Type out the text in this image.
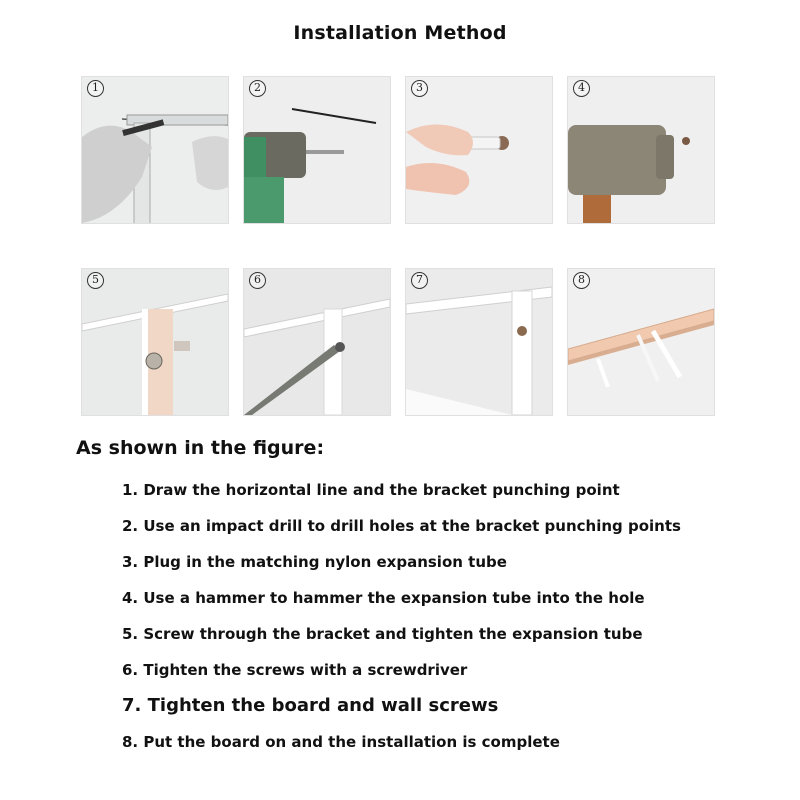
Installation Method
1	2	3	4
5	6	7	8
As shown in the figure:
1. Draw the horizontal line and the bracket punching point
2. Use an impact drill to drill holes at the bracket punching points
3. Plug in the matching nylon expansion tube
4. Use a hammer to hammer the expansion tube into the hole
5. Screw through the bracket and tighten the expansion tube
6. Tighten the screws with a screwdriver
7. Tighten the board and wall screws
8. Put the board on and the installation is complete
